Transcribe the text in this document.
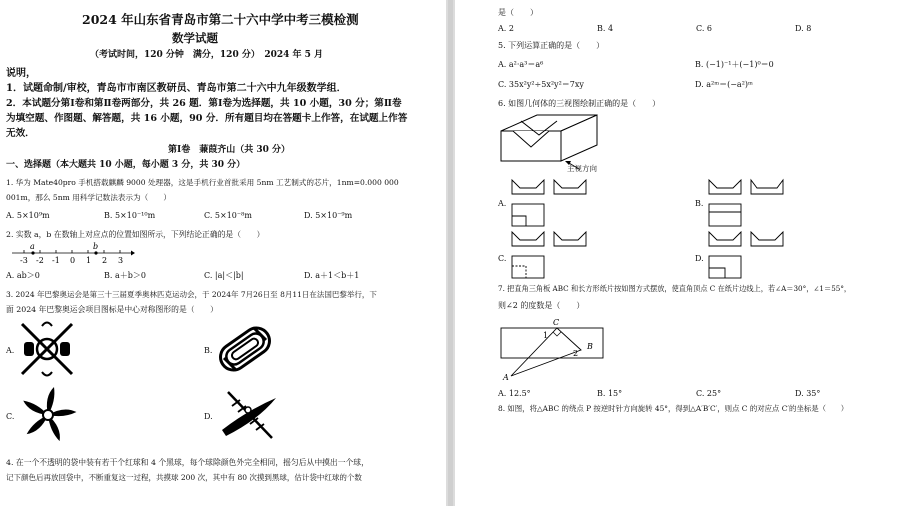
2024 年山东省青岛市第二十六中学中考三模检测
数学试题
（考试时间，120 分钟　满分，120 分）　2024 年 5 月
说明，
1．试题命制/审校，青岛市市南区教研员、青岛市第二十六中九年级数学组．
2．本试题分第Ⅰ卷和第Ⅱ卷两部分，共 26 题．第Ⅰ卷为选择题，共 10 小题，30 分；第Ⅱ卷
为填空题、作图题、解答题，共 16 小题，90 分．所有题目均在答题卡上作答，在试题上作答
无效．
第Ⅰ卷　蒹葭齐山（共 30 分）
一、选择题（本大题共 10 小题，每小题 3 分，共 30 分）
1. 华为 Mate40pro 手机搭载麒麟 9000 处理器，这是手机行业首批采用 5nm 工艺制式的芯片，1nm=0.000 000
001m，那么 5nm 用科学记数法表示为（　　）
A. 5×10⁹m	B. 5×10⁻¹⁰m	C. 5×10⁻⁸m	D. 5×10⁻⁹m
2. 实数 a，b 在数轴上对应点的位置如图所示，下列结论正确的是（　　）
a	b
-3 -2 -1 0 1 2 3
A. ab＞0	B. a＋b＞0	C. |a|＜|b|	D. a＋1＜b＋1
3. 2024 年巴黎奥运会是第三十三届夏季奥林匹克运动会，于 2024年 7月26日至 8月11日在法国巴黎举行，下
面 2024 年巴黎奥运会项目图标是中心对称图形的是（　　）
A.	B.
C.	D.
4. 在一个不透明的袋中装有若干个红球和 4 个黑球，每个球除颜色外完全相同，摇匀后从中摸出一个球，
记下颜色后再放回袋中，不断重复这一过程，共摸球 200 次，其中有 80 次摸到黑球，估计袋中红球的个数
是（　　）
A. 2	B. 4	C. 6	D. 8
5. 下列运算正确的是（　　）
A. a²·a³＝a⁶	B. (−1)⁻¹＋(−1)⁰＝0
C. 35x²y²÷5x²y²＝7xy	D. a²ᵐ＝(−a²)ᵐ
6. 如图几何体的三视图绘制正确的是（　　）
主视方向
A.	B.
C.	D.
7. 把直角三角板 ABC 和长方形纸片按如图方式摆放，使直角顶点 C 在纸片边线上，若∠A＝30°，∠1＝55°，
则∠2 的度数是（　　）
C
B
A
1
2
A. 12.5°	B. 15°	C. 25°	D. 35°
8. 如图，将△ABC 的绕点 P 按逆时针方向旋转 45°，得到△A′B′C′，则点 C 的对应点 C′的坐标是（　　）
